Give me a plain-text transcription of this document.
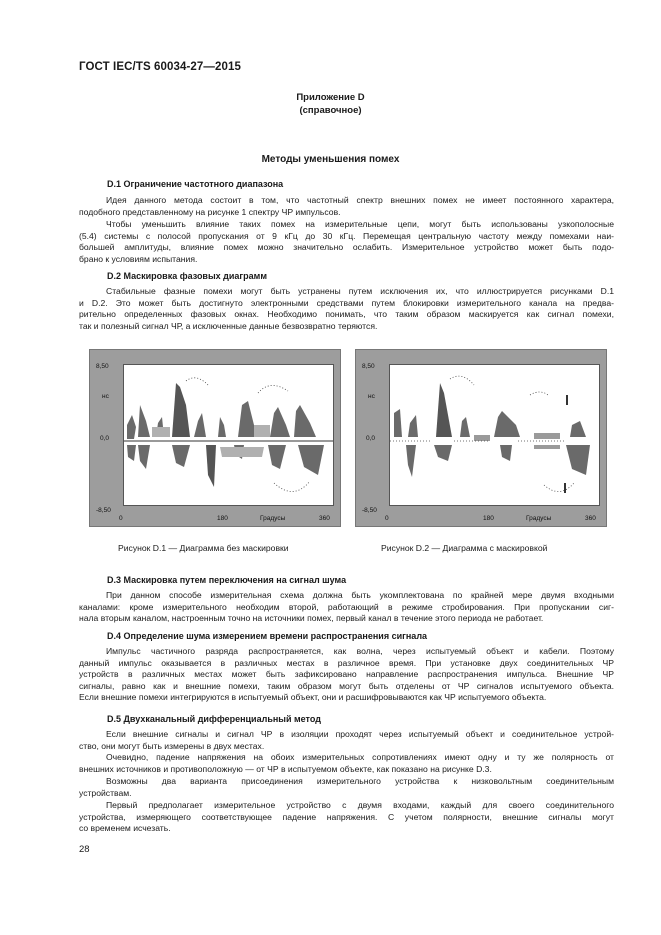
ГОСТ IEC/TS 60034-27—2015
Приложение D
(справочное)
Методы уменьшения помех
D.1 Ограничение частотного диапазона
Идея данного метода состоит в том, что частотный спектр внешних помех не имеет постоянного характера,
подобного представленному на рисунке 1 спектру ЧР импульсов.
Чтобы уменьшить влияние таких помех на измерительные цепи, могут быть использованы узкополосные
(5.4) системы с полосой пропускания от 9 кГц до 30 кГц. Перемещая центральную частоту между помехами наи-
большей амплитуды, влияние помех можно значительно ослабить. Измерительное устройство может быть подо-
брано к условиям испытания.
D.2 Маскировка фазовых диаграмм
Стабильные фазные помехи могут быть устранены путем исключения их, что иллюстрируется рисунками D.1
и D.2. Это может быть достигнуто электронными средствами путем блокировки измерительного канала на предва-
рительно определенных фазовых окнах. Необходимо понимать, что таким образом маскируется как сигнал помехи,
так и полезный сигнал ЧР, а исключенные данные безвозвратно теряются.
8,50
нс
0,0
-8,50
0	180	Градусы	360
Рисунок D.1 — Диаграмма без маскировки
8,50
нс
0,0
-8,50
0	180	Градусы	360
Рисунок D.2 — Диаграмма с маскировкой
D.3 Маскировка путем переключения на сигнал шума
При данном способе измерительная схема должна быть укомплектована по крайней мере двумя входными
каналами: кроме измерительного необходим второй, работающий в режиме стробирования. При пропускании сиг-
нала вторым каналом, настроенным точно на источники помех, первый канал в течение этого периода не работает.
D.4 Определение шума измерением времени распространения сигнала
Импульс частичного разряда распространяется, как волна, через испытуемый объект и кабели. Поэтому
данный импульс оказывается в различных местах в различное время. При установке двух соединительных ЧР
устройств в различных местах может быть зафиксировано направление распространения импульса. Внешние ЧР
сигналы, равно как и внешние помехи, таким образом могут быть отделены от ЧР сигналов испытуемого объекта.
Если внешние помехи интегрируются в испытуемый объект, они и расшифровываются как ЧР испытуемого объекта.
D.5 Двухканальный дифференциальный метод
Если внешние сигналы и сигнал ЧР в изоляции проходят через испытуемый объект и соединительное устрой-
ство, они могут быть измерены в двух местах.
Очевидно, падение напряжения на обоих измерительных сопротивлениях имеют одну и ту же полярность от
внешних источников и противоположную — от ЧР в испытуемом объекте, как показано на рисунке D.3.
Возможны два варианта присоединения измерительного устройства к низковольтным соединительным
устройствам.
Первый предполагает измерительное устройство с двумя входами, каждый для своего соединительного
устройства, измеряющего соответствующее падение напряжения. С учетом полярности, внешние сигналы могут
со временем исчезать.
28
